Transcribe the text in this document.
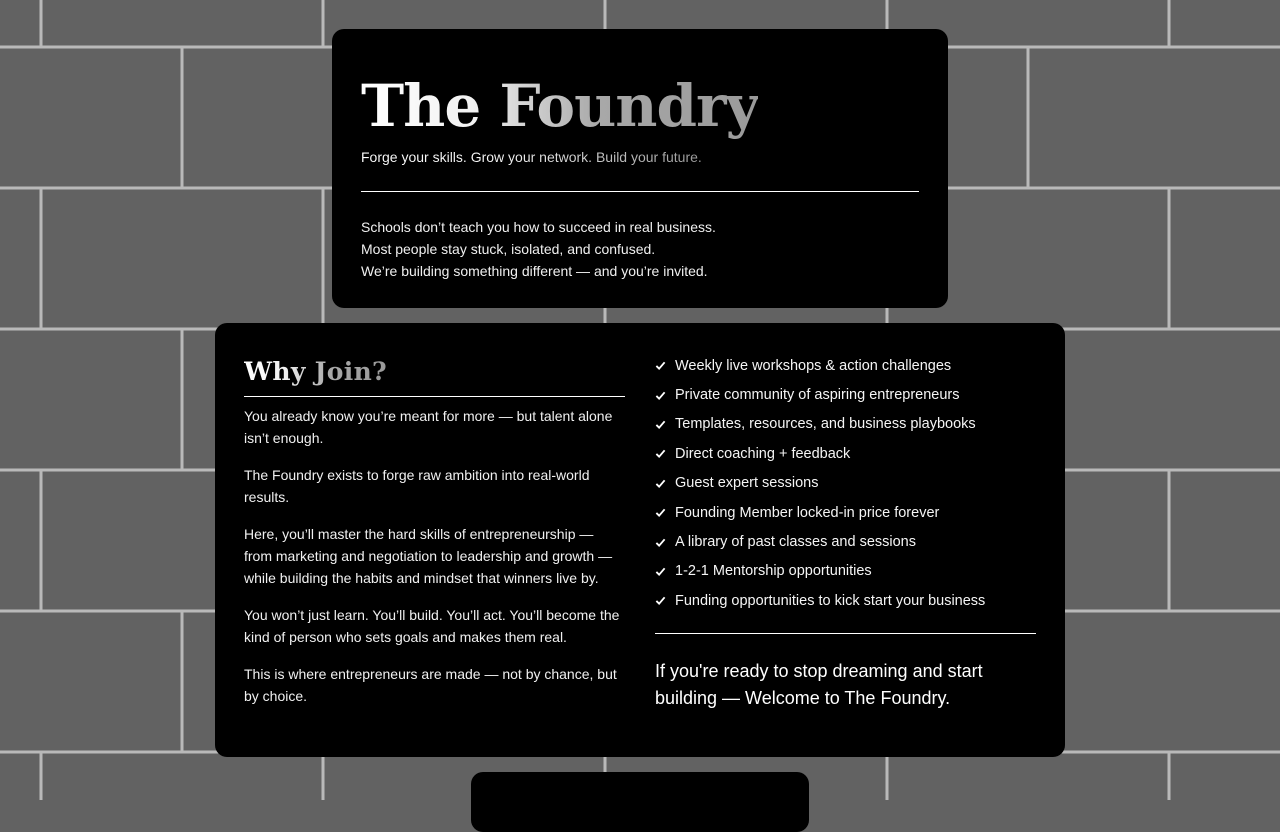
The Foundry
Forge your skills. Grow your network. Build your future.
Schools don’t teach you how to succeed in real business.
Most people stay stuck, isolated, and confused.
We’re building something different — and you’re invited.
Why Join?

You already know you’re meant for more — but talent alone isn’t enough.

The Foundry exists to forge raw ambition into real-world results.

Here, you’ll master the hard skills of entrepreneurship — from marketing and negotiation to leadership and growth — while building the habits and mindset that winners live by.

You won’t just learn. You’ll build. You’ll act. You’ll become the kind of person who sets goals and makes them real.

This is where entrepreneurs are made — not by chance, but by choice.

Weekly live workshops & action challenges
Private community of aspiring entrepreneurs
Templates, resources, and business playbooks
Direct coaching + feedback
Guest expert sessions
Founding Member locked-in price forever
A library of past classes and sessions
1-2-1 Mentorship opportunities
Funding opportunities to kick start your business

If you're ready to stop dreaming and start building — Welcome to The Foundry.
